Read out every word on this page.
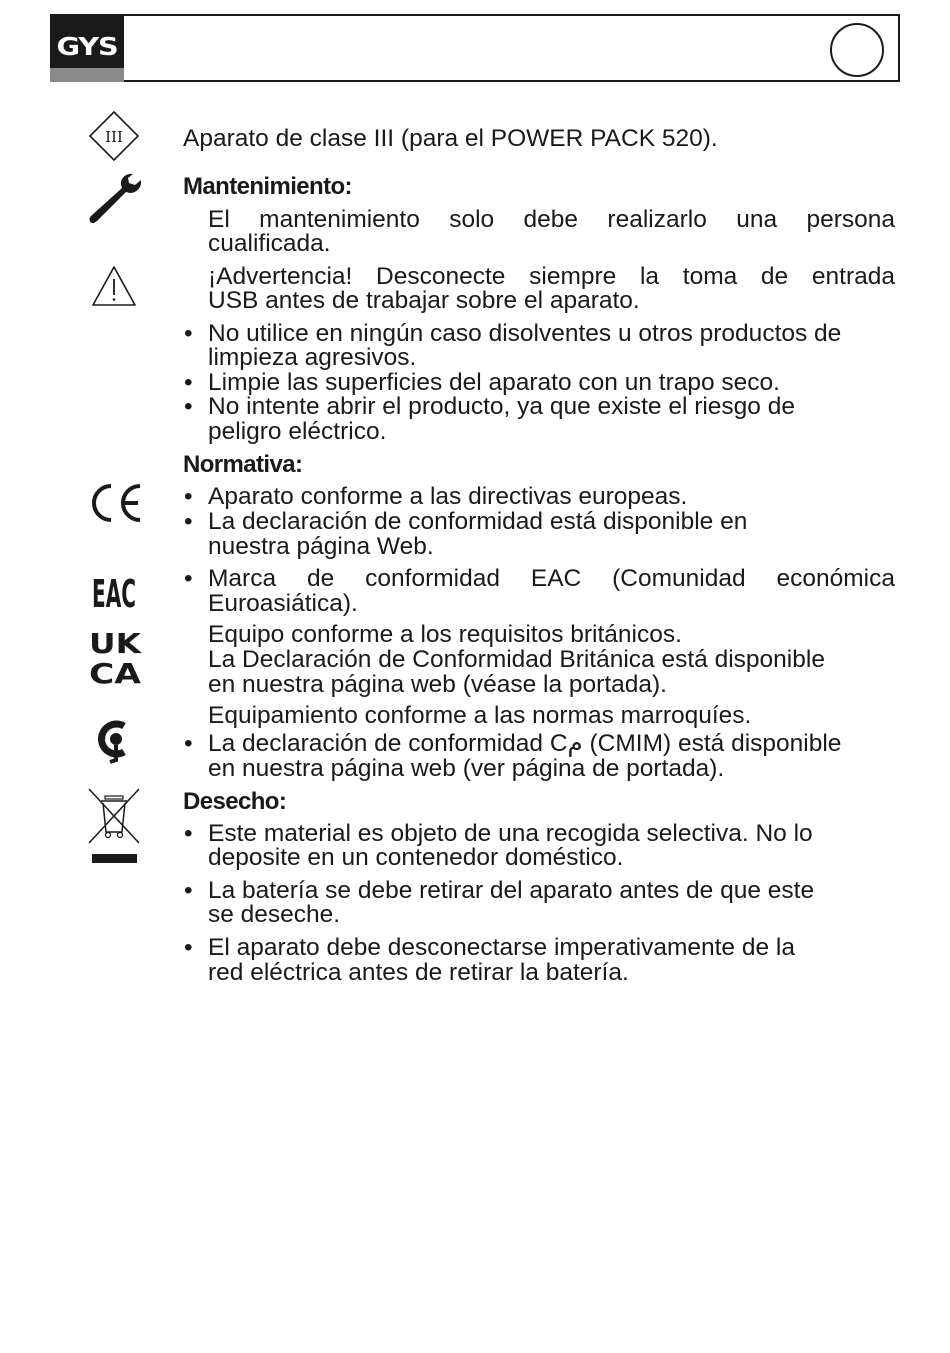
GYS
III Aparato de clase III (para el POWER PACK 520).
Mantenimiento:
El mantenimiento solo debe realizarlo una persona
cualificada.
¡Advertencia! Desconecte siempre la toma de entrada
USB antes de trabajar sobre el aparato.
• No utilice en ningún caso disolventes u otros productos de
limpieza agresivos.
• Limpie las superficies del aparato con un trapo seco.
• No intente abrir el producto, ya que existe el riesgo de
peligro eléctrico.
Normativa:
• Aparato conforme a las directivas europeas.
• La declaración de conformidad está disponible en
nuestra página Web.
EAC • Marca de conformidad EAC (Comunidad económica
Euroasiática).
UK
CA
Equipo conforme a los requisitos británicos.
La Declaración de Conformidad Británica está disponible
en nuestra página web (véase la portada).
Equipamiento conforme a las normas marroquíes.
• La declaración de conformidad Cم (CMIM) está disponible
en nuestra página web (ver página de portada).
Desecho:
• Este material es objeto de una recogida selectiva. No lo
deposite en un contenedor doméstico.
• La batería se debe retirar del aparato antes de que este
se deseche.
• El aparato debe desconectarse imperativamente de la
red eléctrica antes de retirar la batería.
